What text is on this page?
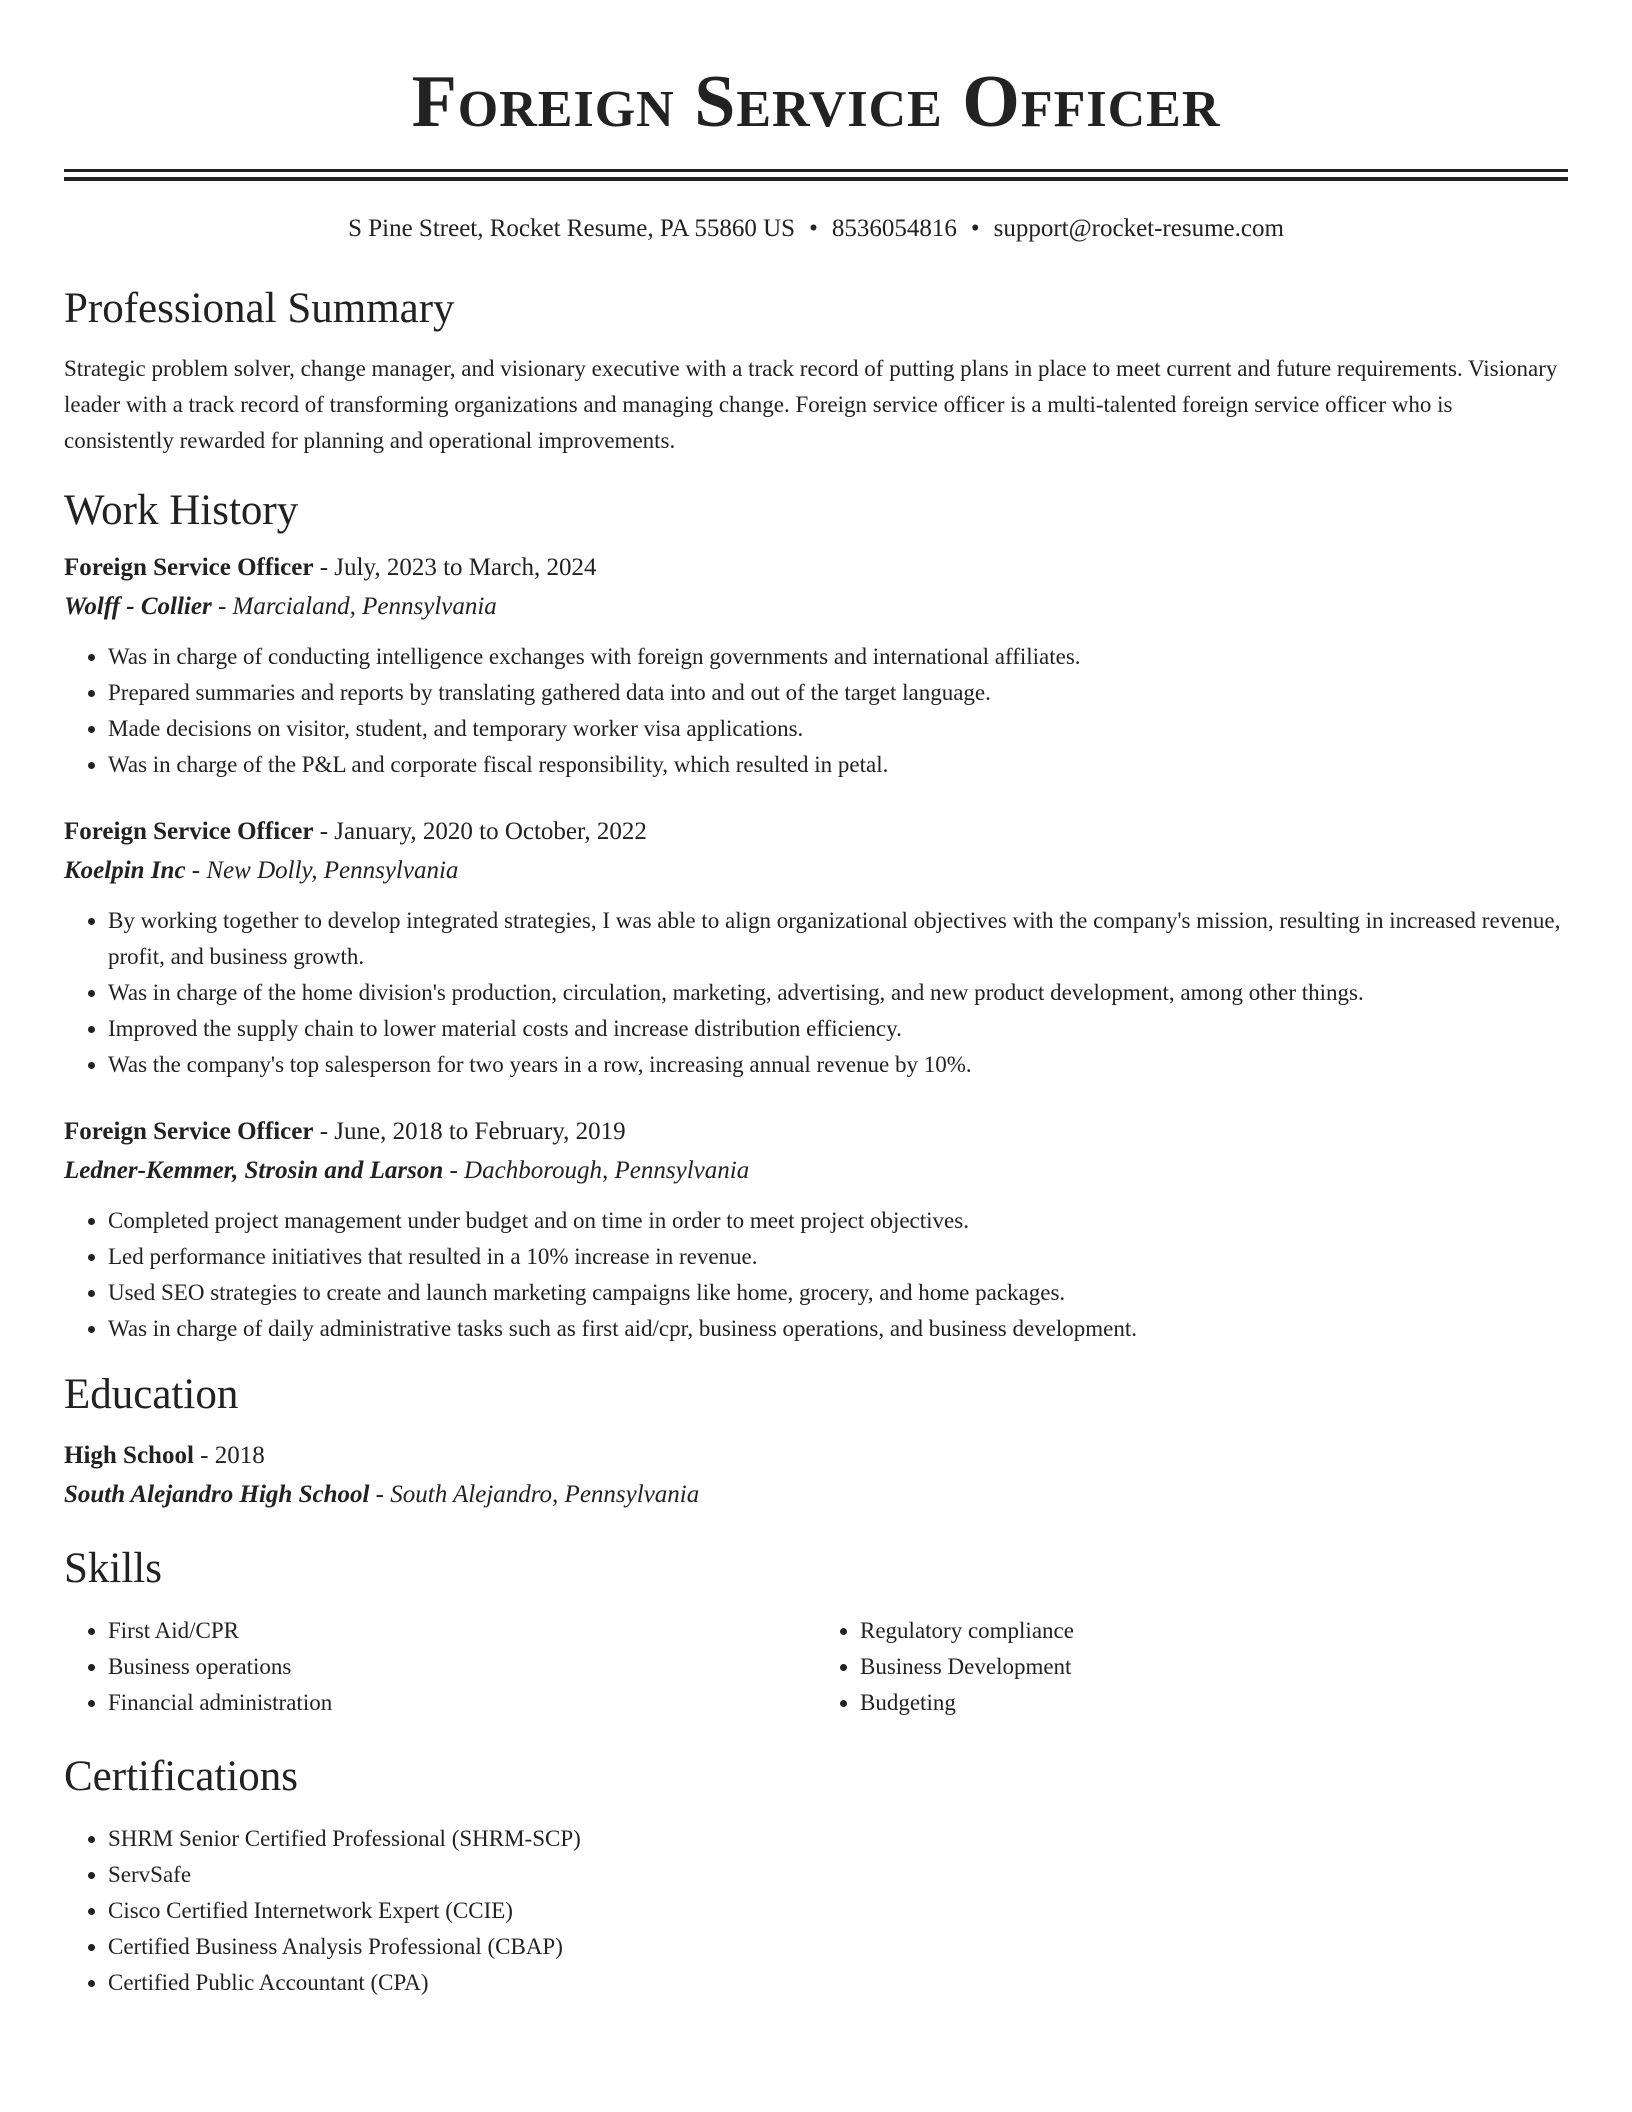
Foreign Service Officer
S Pine Street, Rocket Resume, PA 55860 US • 8536054816 • support@rocket-resume.com
Professional Summary

Strategic problem solver, change manager, and visionary executive with a track record of putting plans in place to meet current and future requirements. Visionary leader with a track record of transforming organizations and managing change. Foreign service officer is a multi-talented foreign service officer who is consistently rewarded for planning and operational improvements.

Work History
Foreign Service Officer - July, 2023 to March, 2024
Wolff - Collier - Marcialand, Pennsylvania
• Was in charge of conducting intelligence exchanges with foreign governments and international affiliates.
• Prepared summaries and reports by translating gathered data into and out of the target language.
• Made decisions on visitor, student, and temporary worker visa applications.
• Was in charge of the P&L and corporate fiscal responsibility, which resulted in petal.
Foreign Service Officer - January, 2020 to October, 2022
Koelpin Inc - New Dolly, Pennsylvania
• By working together to develop integrated strategies, I was able to align organizational objectives with the company's mission, resulting in increased revenue, profit, and business growth.
• Was in charge of the home division's production, circulation, marketing, advertising, and new product development, among other things.
• Improved the supply chain to lower material costs and increase distribution efficiency.
• Was the company's top salesperson for two years in a row, increasing annual revenue by 10%.
Foreign Service Officer - June, 2018 to February, 2019
Ledner-Kemmer, Strosin and Larson - Dachborough, Pennsylvania
• Completed project management under budget and on time in order to meet project objectives.
• Led performance initiatives that resulted in a 10% increase in revenue.
• Used SEO strategies to create and launch marketing campaigns like home, grocery, and home packages.
• Was in charge of daily administrative tasks such as first aid/cpr, business operations, and business development.
Education
High School - 2018
South Alejandro High School - South Alejandro, Pennsylvania
Skills
• First Aid/CPR
• Business operations
• Financial administration
• Regulatory compliance
• Business Development
• Budgeting
Certifications
• SHRM Senior Certified Professional (SHRM-SCP)
• ServSafe
• Cisco Certified Internetwork Expert (CCIE)
• Certified Business Analysis Professional (CBAP)
• Certified Public Accountant (CPA)
